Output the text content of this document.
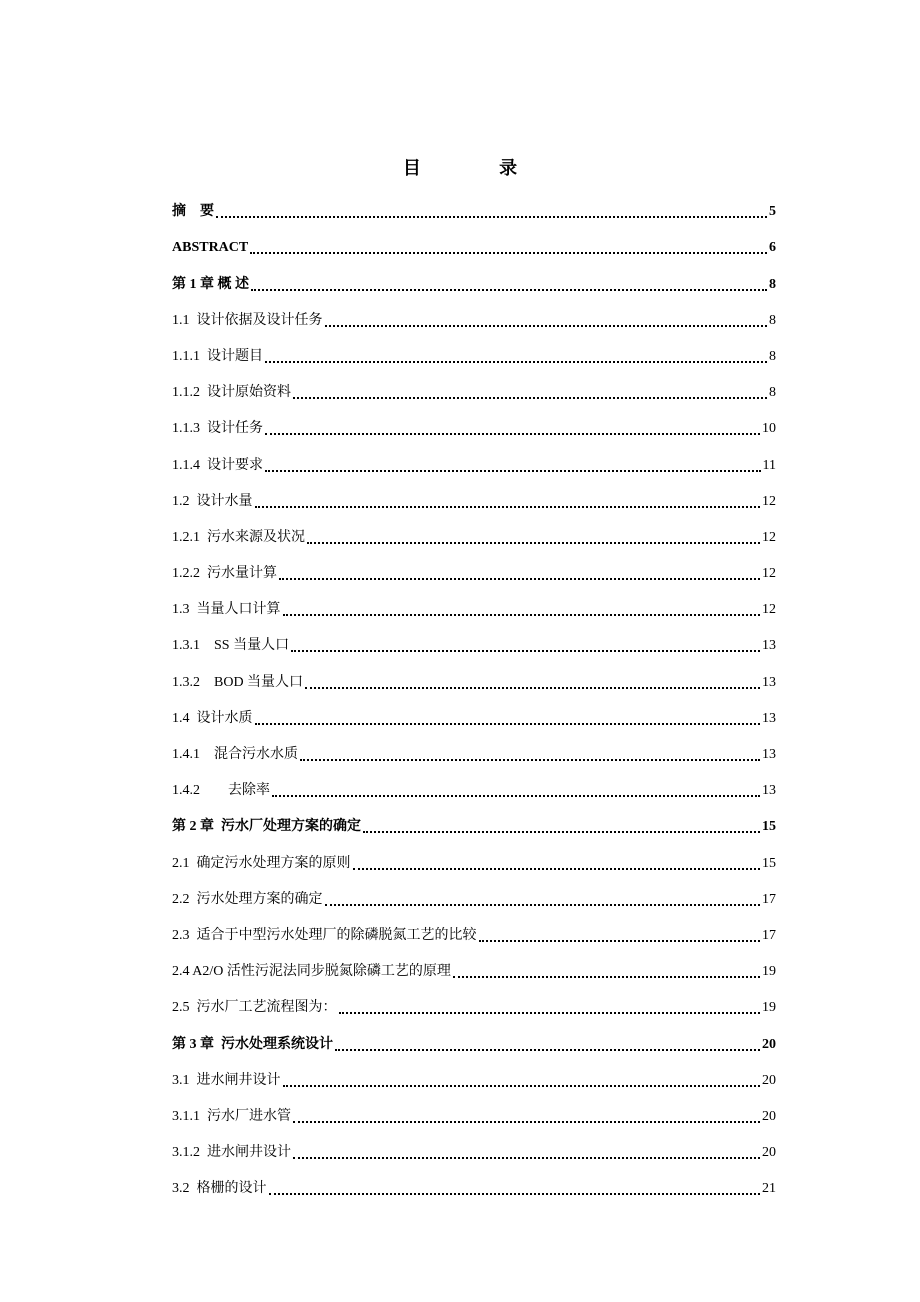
目 录
摘　要	5
ABSTRACT	6
第 1 章 概 述	8
1.1  设计依据及设计任务	8
1.1.1  设计题目	8
1.1.2  设计原始资料	8
1.1.3  设计任务	10
1.1.4  设计要求	11
1.2  设计水量	12
1.2.1  污水来源及状况	12
1.2.2  污水量计算	12
1.3  当量人口计算	12
1.3.1    SS 当量人口	13
1.3.2    BOD 当量人口	13
1.4  设计水质	13
1.4.1    混合污水水质	13
1.4.2        去除率	13
第 2 章  污水厂处理方案的确定	15
2.1  确定污水处理方案的原则	15
2.2  污水处理方案的确定	17
2.3  适合于中型污水处理厂的除磷脱氮工艺的比较	17
2.4 A2/O 活性污泥法同步脱氮除磷工艺的原理	19
2.5  污水厂工艺流程图为：	19
第 3 章  污水处理系统设计	20
3.1  进水闸井设计	20
3.1.1  污水厂进水管	20
3.1.2  进水闸井设计	20
3.2  格栅的设计	21
